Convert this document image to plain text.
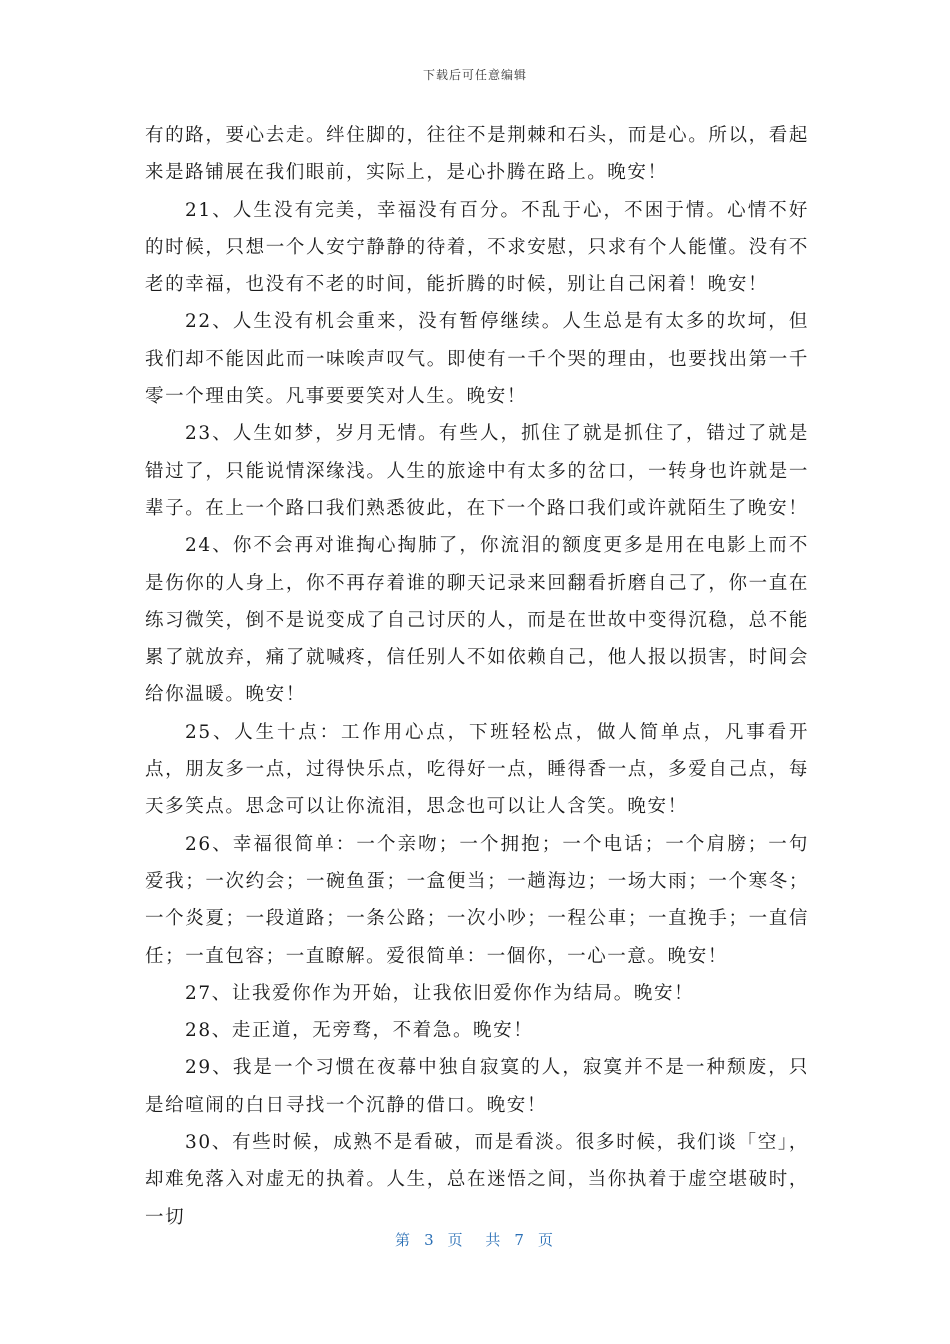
下载后可任意编辑

有的路，要心去走。绊住脚的，往往不是荆棘和石头，而是心。所以，看起来是路铺展在我们眼前，实际上，是心扑腾在路上。晚安！

21、人生没有完美，幸福没有百分。不乱于心，不困于情。心情不好的时候，只想一个人安宁静静的待着，不求安慰，只求有个人能懂。没有不老的幸福，也没有不老的时间，能折腾的时候，别让自己闲着！晚安！

22、人生没有机会重来，没有暂停继续。人生总是有太多的坎坷，但我们却不能因此而一味唉声叹气。即使有一千个哭的理由，也要找出第一千零一个理由笑。凡事要要笑对人生。晚安！

23、人生如梦，岁月无情。有些人，抓住了就是抓住了，错过了就是错过了，只能说情深缘浅。人生的旅途中有太多的岔口，一转身也许就是一辈子。在上一个路口我们熟悉彼此，在下一个路口我们或许就陌生了晚安！

24、你不会再对谁掏心掏肺了，你流泪的额度更多是用在电影上而不是伤你的人身上，你不再存着谁的聊天记录来回翻看折磨自己了，你一直在练习微笑，倒不是说变成了自己讨厌的人，而是在世故中变得沉稳，总不能累了就放弃，痛了就喊疼，信任别人不如依赖自己，他人报以损害，时间会给你温暖。晚安！

25、人生十点：工作用心点，下班轻松点，做人简单点，凡事看开点，朋友多一点，过得快乐点，吃得好一点，睡得香一点，多爱自己点，每天多笑点。思念可以让你流泪，思念也可以让人含笑。晚安！

26、幸福很简单：一个亲吻；一个拥抱；一个电话；一个肩膀；一句爱我；一次约会；一碗鱼蛋；一盒便当；一趟海边；一场大雨；一个寒冬；一个炎夏；一段道路；一条公路；一次小吵；一程公車；一直挽手；一直信任；一直包容；一直瞭解。爱很简单：一個你，一心一意。晚安！

27、让我爱你作为开始，让我依旧爱你作为结局。晚安！

28、走正道，无旁骛，不着急。晚安！

29、我是一个习惯在夜幕中独自寂寞的人，寂寞并不是一种颓废，只是给喧闹的白日寻找一个沉静的借口。晚安！

30、有些时候，成熟不是看破，而是看淡。很多时候，我们谈「空」，却难免落入对虚无的执着。人生，总在迷悟之间，当你执着于虚空堪破时，一切

第 3 页 共 7 页
